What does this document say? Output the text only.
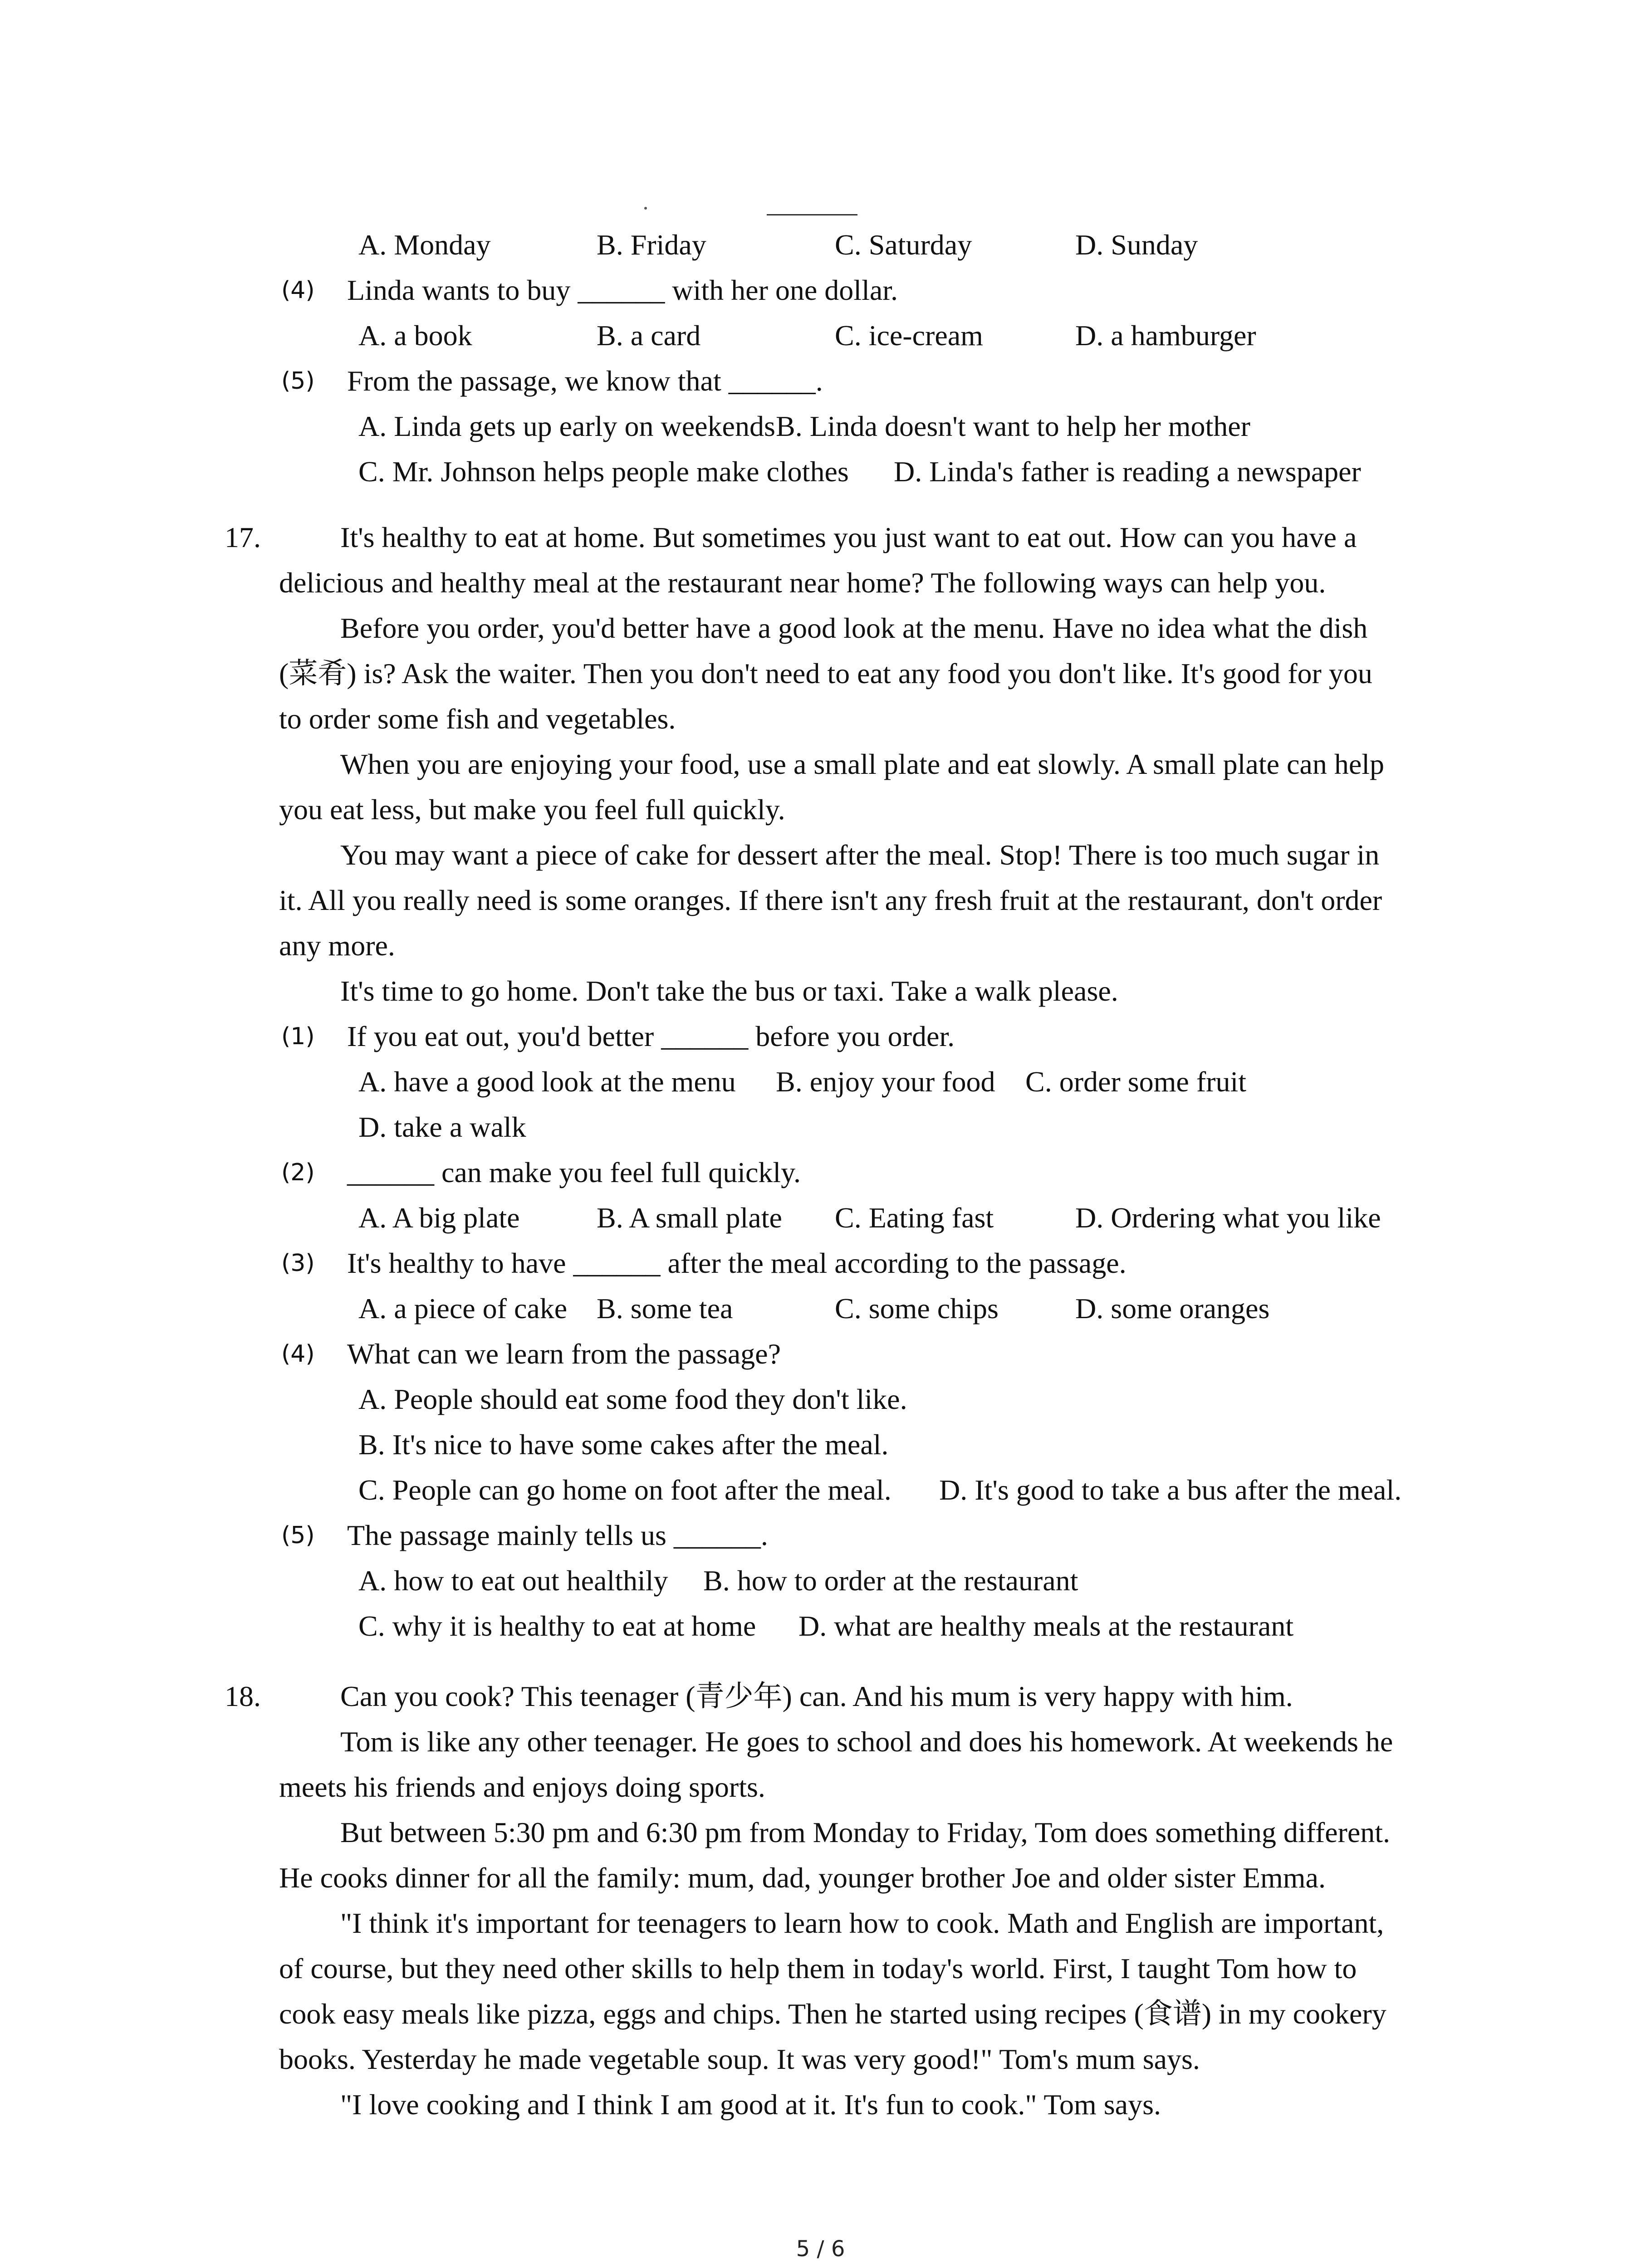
A. Monday	B. Friday	C. Saturday	D. Sunday
(4) Linda wants to buy ______ with her one dollar.
A. a book	B. a card	C. ice-cream	D. a hamburger
(5) From the passage, we know that ______.
A. Linda gets up early on weekends B. Linda doesn't want to help her mother
C. Mr. Johnson helps people make clothes D. Linda's father is reading a newspaper
17.	It's healthy to eat at home. But sometimes you just want to eat out. How can you have a
delicious and healthy meal at the restaurant near home? The following ways can help you.
Before you order, you'd better have a good look at the menu. Have no idea what the dish
(菜肴) is? Ask the waiter. Then you don't need to eat any food you don't like. It's good for you
to order some fish and vegetables.
When you are enjoying your food, use a small plate and eat slowly. A small plate can help
you eat less, but make you feel full quickly.
You may want a piece of cake for dessert after the meal. Stop! There is too much sugar in
it. All you really need is some oranges. If there isn't any fresh fruit at the restaurant, don't order
any more.
It's time to go home. Don't take the bus or taxi. Take a walk please.
(1) If you eat out, you'd better ______ before you order.
A. have a good look at the menu B. enjoy your food C. order some fruit
D. take a walk
(2) ______ can make you feel full quickly.
A. A big plate	B. A small plate C. Eating fast	D. Ordering what you like
(3) It's healthy to have ______ after the meal according to the passage.
A. a piece of cake B. some tea	C. some chips	D. some oranges
(4) What can we learn from the passage?
A. People should eat some food they don't like.
B. It's nice to have some cakes after the meal.
C. People can go home on foot after the meal. D. It's good to take a bus after the meal.
(5) The passage mainly tells us ______.
A. how to eat out healthily B. how to order at the restaurant
C. why it is healthy to eat at home D. what are healthy meals at the restaurant
18.	Can you cook? This teenager (青少年) can. And his mum is very happy with him.
Tom is like any other teenager. He goes to school and does his homework. At weekends he
meets his friends and enjoys doing sports.
But between 5:30 pm and 6:30 pm from Monday to Friday, Tom does something different.
He cooks dinner for all the family: mum, dad, younger brother Joe and older sister Emma.
"I think it's important for teenagers to learn how to cook. Math and English are important,
of course, but they need other skills to help them in today's world. First, I taught Tom how to
cook easy meals like pizza, eggs and chips. Then he started using recipes (食谱) in my cookery
books. Yesterday he made vegetable soup. It was very good!" Tom's mum says.
"I love cooking and I think I am good at it. It's fun to cook." Tom says.
5 / 6
